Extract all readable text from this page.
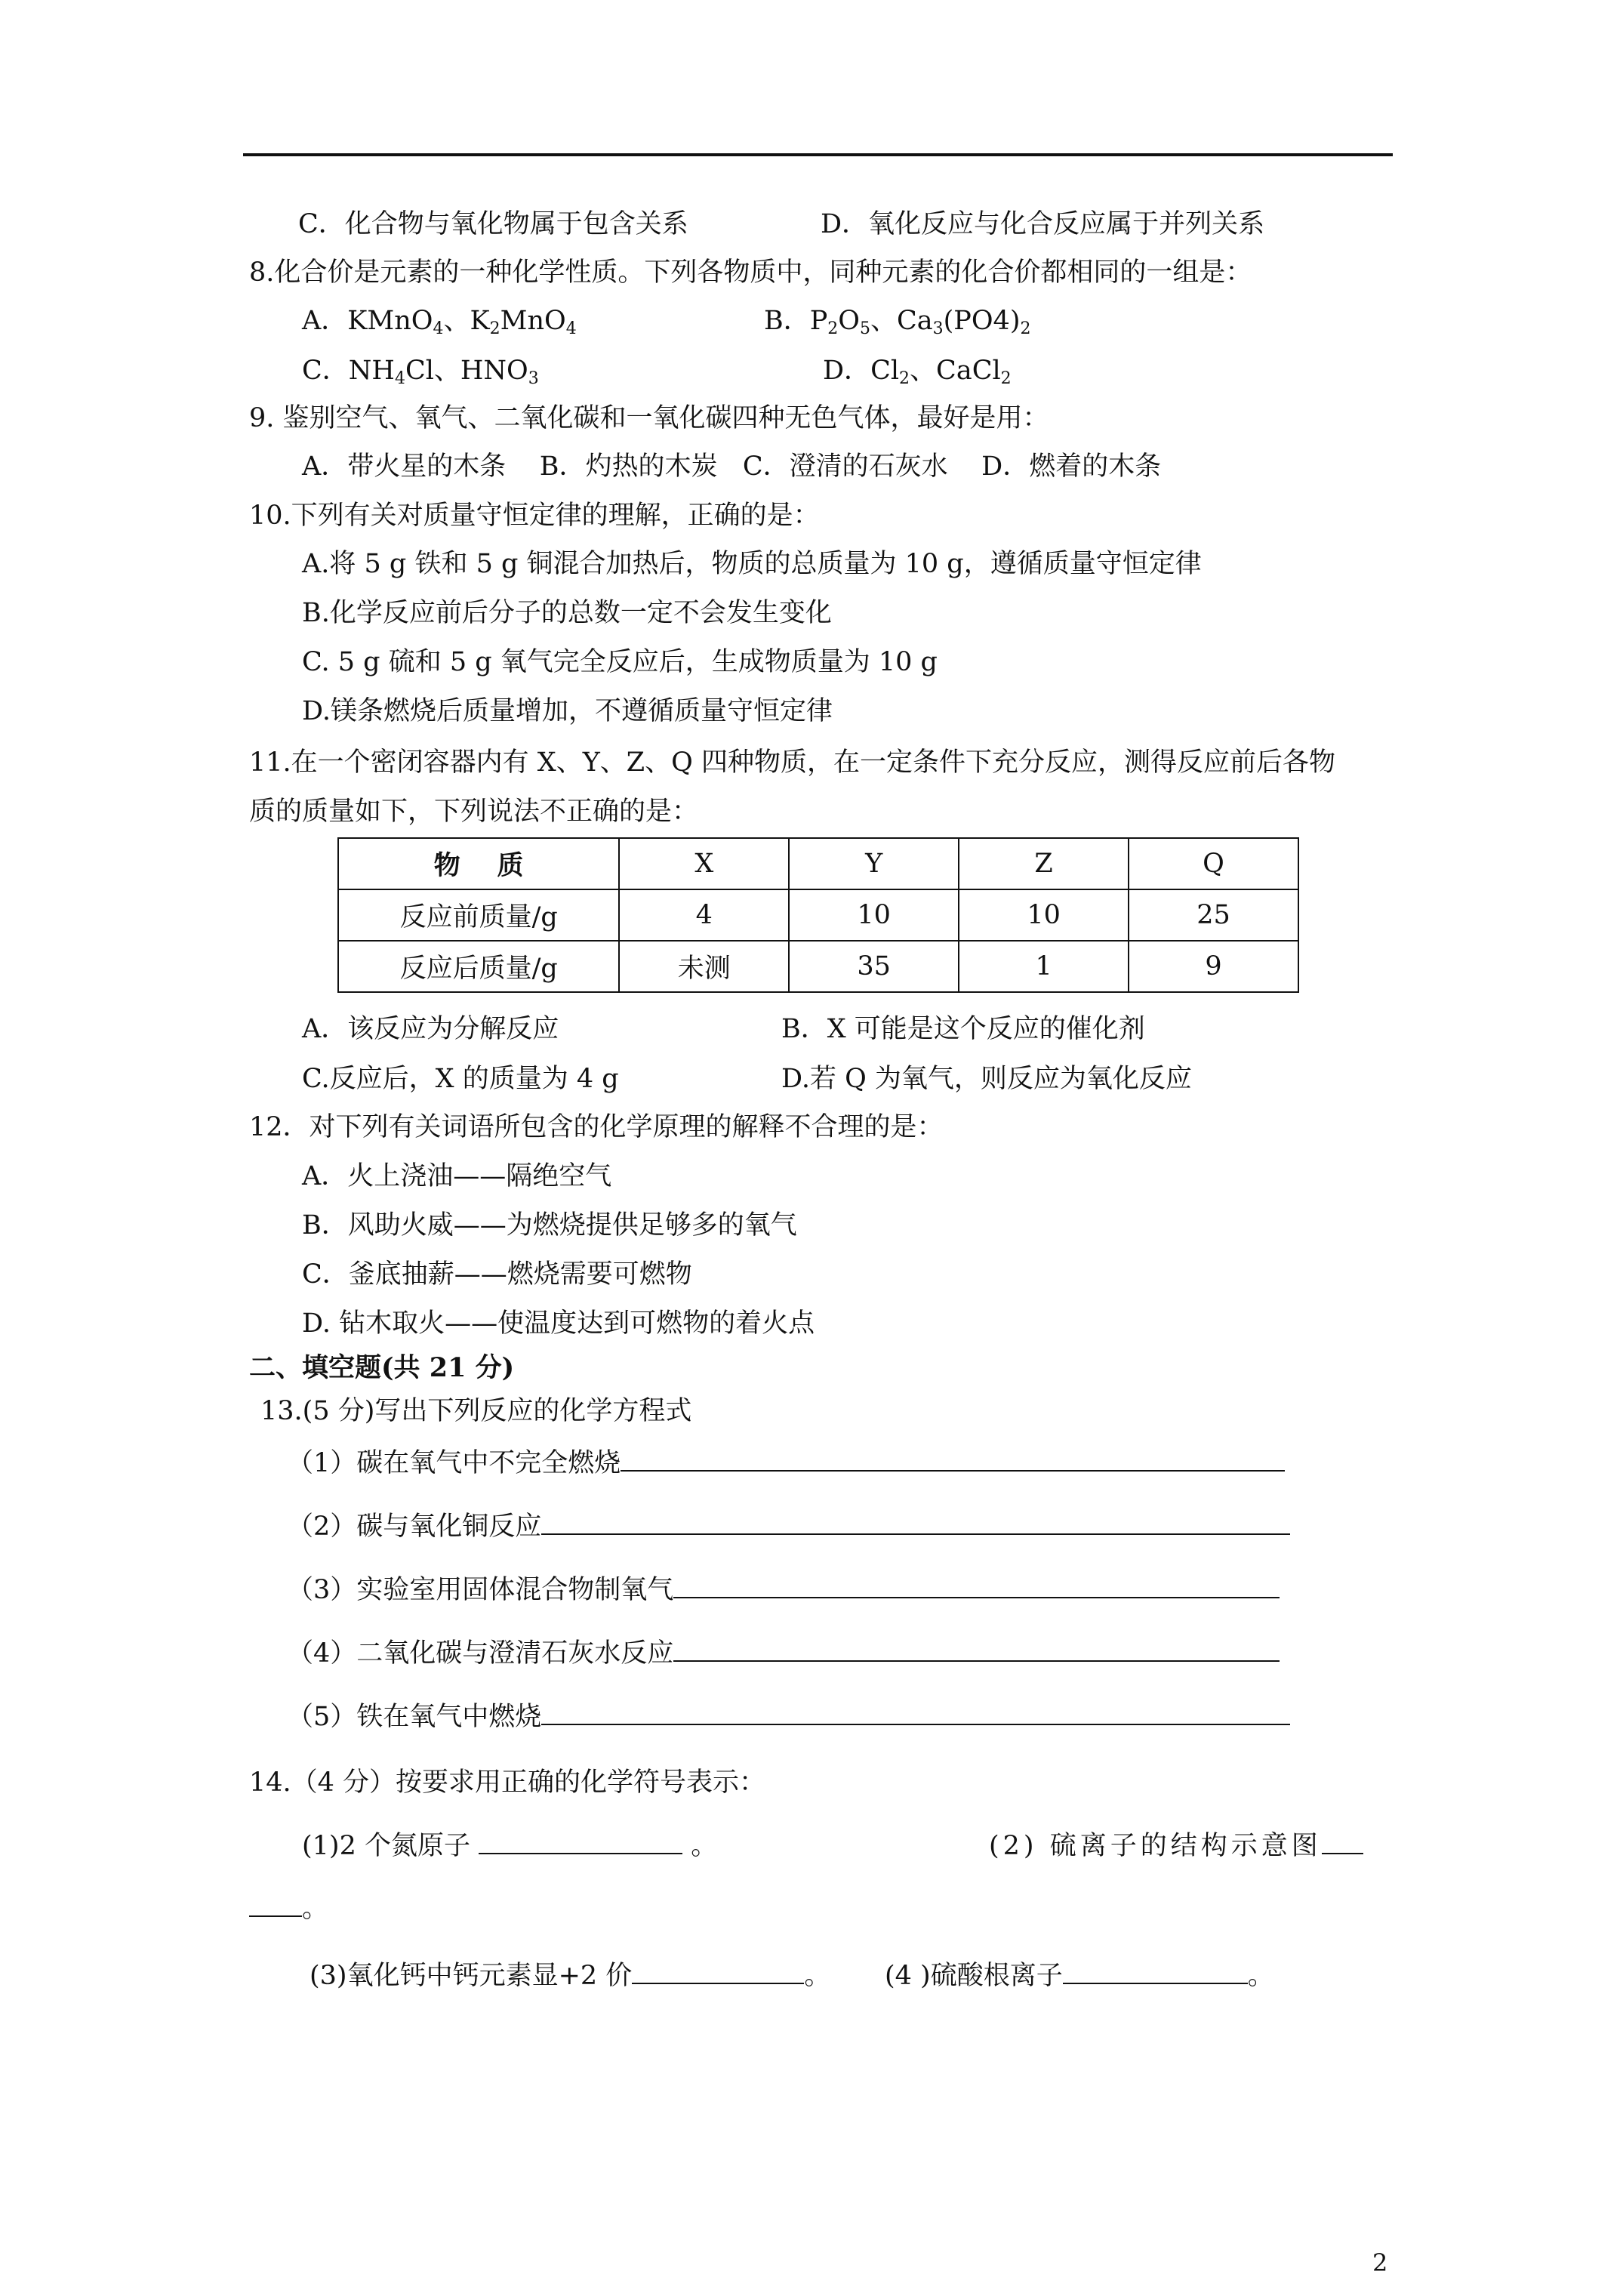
C．化合物与氧化物属于包含关系	D．氧化反应与化合反应属于并列关系
8.化合价是元素的一种化学性质。下列各物质中，同种元素的化合价都相同的一组是：
A．KMnO$_4$、$K_2MnO_4$	B．$P_2O_5$、$Ca_3(PO4)_2$
C．$NH_4Cl$、$HNO_3$	D．$Cl_2$、CaCl$_2$
9. 鉴别空气、氧气、二氧化碳和一氧化碳四种无色气体，最好是用：
A．带火星的木条    B．灼热的木炭   C．澄清的石灰水    D．燃着的木条
10.下列有关对质量守恒定律的理解，正确的是：
A.将 5 g 铁和 5 g 铜混合加热后，物质的总质量为 10 g，遵循质量守恒定律
B.化学反应前后分子的总数一定不会发生变化
C. 5 g 硫和 5 g 氧气完全反应后，生成物质量为 10 g
D.镁条燃烧后质量增加，不遵循质量守恒定律
11.在一个密闭容器内有 X、Y、Z、Q 四种物质，在一定条件下充分反应，测得反应前后各物
质的质量如下，下列说法不正确的是：
物    质	X	Y	Z	Q
反应前质量/g	4	10	10	25
反应后质量/g	未测	35	1	9
A．该反应为分解反应	B．X 可能是这个反应的催化剂
C.反应后，X 的质量为 4 g	D.若 Q 为氧气，则反应为氧化反应
12．对下列有关词语所包含的化学原理的解释不合理的是：
A．火上浇油——隔绝空气
B．风助火威——为燃烧提供足够多的氧气
C．釜底抽薪——燃烧需要可燃物
D. 钻木取火——使温度达到可燃物的着火点
二、填空题(共 21 分)
13.(5 分)写出下列反应的化学方程式
（1）碳在氧气中不完全燃烧
（2）碳与氧化铜反应
（3）实验室用固体混合物制氧气
（4）二氧化碳与澄清石灰水反应
（5）铁在氧气中燃烧
14.（4 分）按要求用正确的化学符号表示：
(1)2 个氮原子	。	(2) 硫离子的结构示意图
。
(3)氧化钙中钙元素显+2 价	。 (4 )硫酸根离子	。
2
